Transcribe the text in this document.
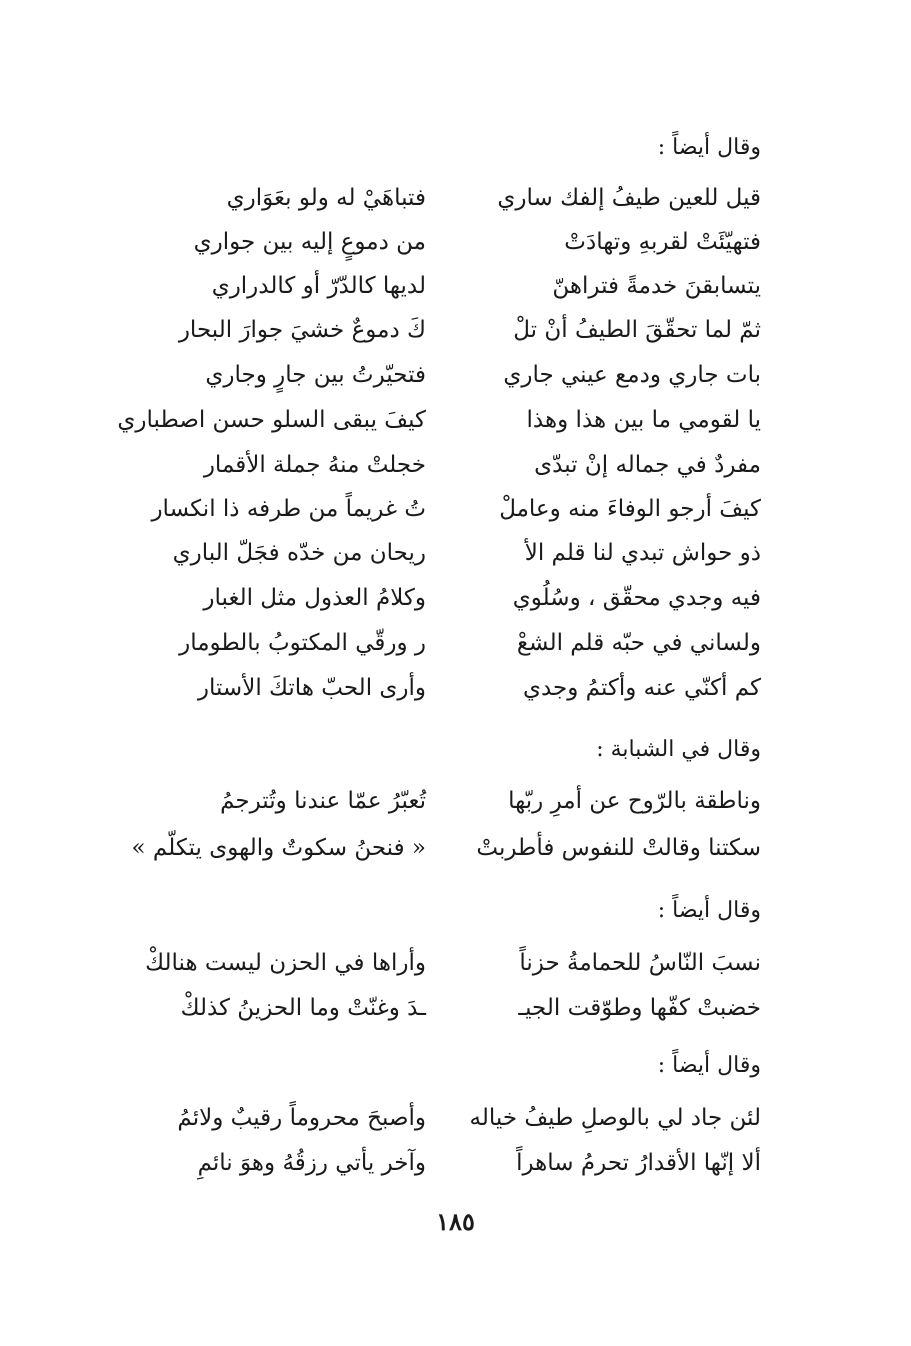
وقال أيضاً :
قيل للعين طيفُ إلفك ساري
فتباهَيْ له ولو بعَوَاري
فتهيّئَتْ لقربهِ وتهادَتْ
من دموعٍ إليه بين جواري
يتسابقنَ خدمةً فتراهنّ
لديها كالدّرّ أو كالدراري
ثمّ لما تحقّقَ الطيفُ أنْ تلْ
كَ دموعٌ خشيَ جوارَ البحار
بات جاري ودمع عيني جاري
فتحيّرتُ بين جارٍ وجاري
يا لقومي ما بين هذا وهذا
كيفَ يبقى السلو حسن اصطباري
مفردٌ في جماله إنْ تبدّى
خجلتْ منهُ جملة الأقمار
كيفَ أرجو الوفاءَ منه وعاملْ
تُ غريماً من طرفه ذا انكسار
ذو حواش تبدي لنا قلم الأ
ريحان من خدّه فجَلّ الباري
فيه وجدي محقّق ، وسُلُوي
وكلامُ العذول مثل الغبار
ولساني في حبّه قلم الشعْ
ر ورقّي المكتوبُ بالطومار
كم أكنّي عنه وأكتمُ وجدي
وأرى الحبّ هاتكَ الأستار
وقال في الشبابة :
وناطقة بالرّوح عن أمرِ ربّها
تُعبّرُ عمّا عندنا وتُترجمُ
سكتنا وقالتْ للنفوس فأطربتْ
« فنحنُ سكوتٌ والهوى يتكلّم »
وقال أيضاً :
نسبَ النّاسُ للحمامةُ حزناً
وأراها في الحزن ليست هنالكْ
خضبتْ كفّها وطوّقت الجيـ
ـدَ وغنّتْ وما الحزينُ كذلكْ
وقال أيضاً :
لئن جاد لي بالوصلِ طيفُ خياله
وأصبحَ محروماً رقيبٌ ولائمُ
ألا إنّها الأقدارُ تحرمُ ساهراً
وآخر يأتي رزقُهُ وهوَ نائمِ
١٨٥
